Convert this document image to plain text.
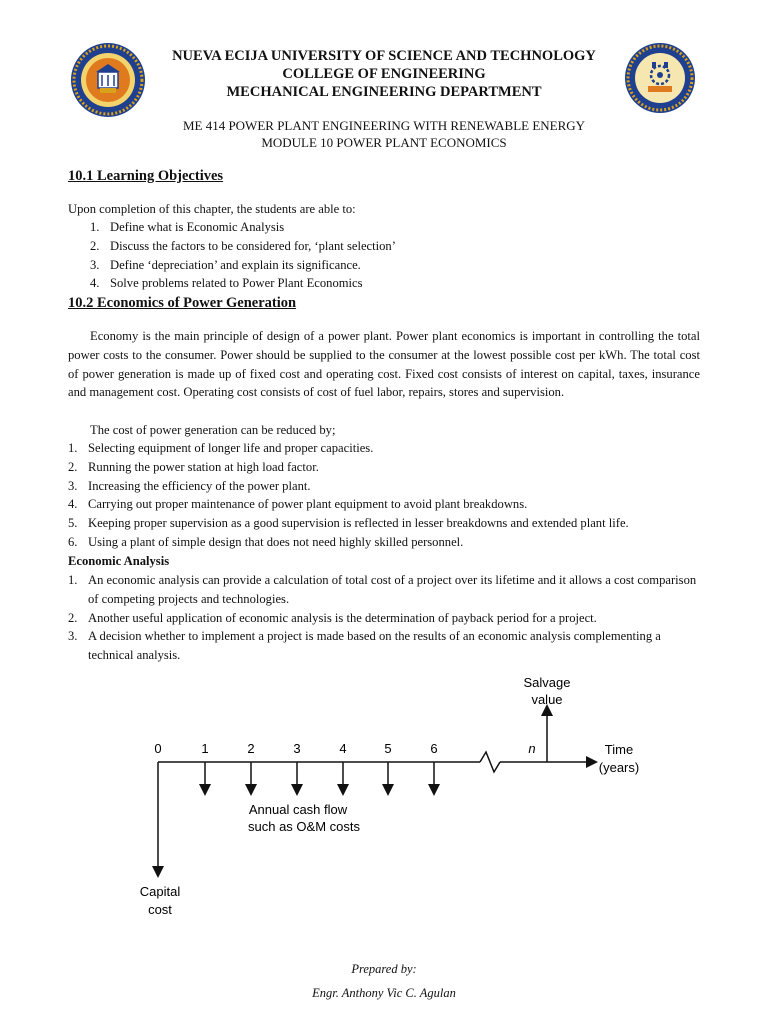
NUEVA ECIJA UNIVERSITY OF SCIENCE AND TECHNOLOGY
COLLEGE OF ENGINEERING
MECHANICAL ENGINEERING DEPARTMENT
ME 414 POWER PLANT ENGINEERING WITH RENEWABLE ENERGY
MODULE 10 POWER PLANT ECONOMICS
10.1 Learning Objectives
Upon completion of this chapter, the students are able to:
1. Define what is Economic Analysis
2. Discuss the factors to be considered for, ‘plant selection’
3. Define ‘depreciation’ and explain its significance.
4. Solve problems related to Power Plant Economics
10.2 Economics of Power Generation
Economy is the main principle of design of a power plant. Power plant economics is important in controlling the total power costs to the consumer. Power should be supplied to the consumer at the lowest possible cost per kWh. The total cost of power generation is made up of fixed cost and operating cost. Fixed cost consists of interest on capital, taxes, insurance and management cost. Operating cost consists of cost of fuel labor, repairs, stores and supervision.
The cost of power generation can be reduced by;
1. Selecting equipment of longer life and proper capacities.
2. Running the power station at high load factor.
3. Increasing the efficiency of the power plant.
4. Carrying out proper maintenance of power plant equipment to avoid plant breakdowns.
5. Keeping proper supervision as a good supervision is reflected in lesser breakdowns and extended plant life.
6. Using a plant of simple design that does not need highly skilled personnel.
Economic Analysis
1. An economic analysis can provide a calculation of total cost of a project over its lifetime and it allows a cost comparison of competing projects and technologies.
2. Another useful application of economic analysis is the determination of payback period for a project.
3. A decision whether to implement a project is made based on the results of an economic analysis complementing a technical analysis.
0	1	2	3	4	5	6	n
Salvage
value
Time
(years)
Annual cash flow
such as O&M costs
Capital
cost
Prepared by:
Engr. Anthony Vic C. Agulan
